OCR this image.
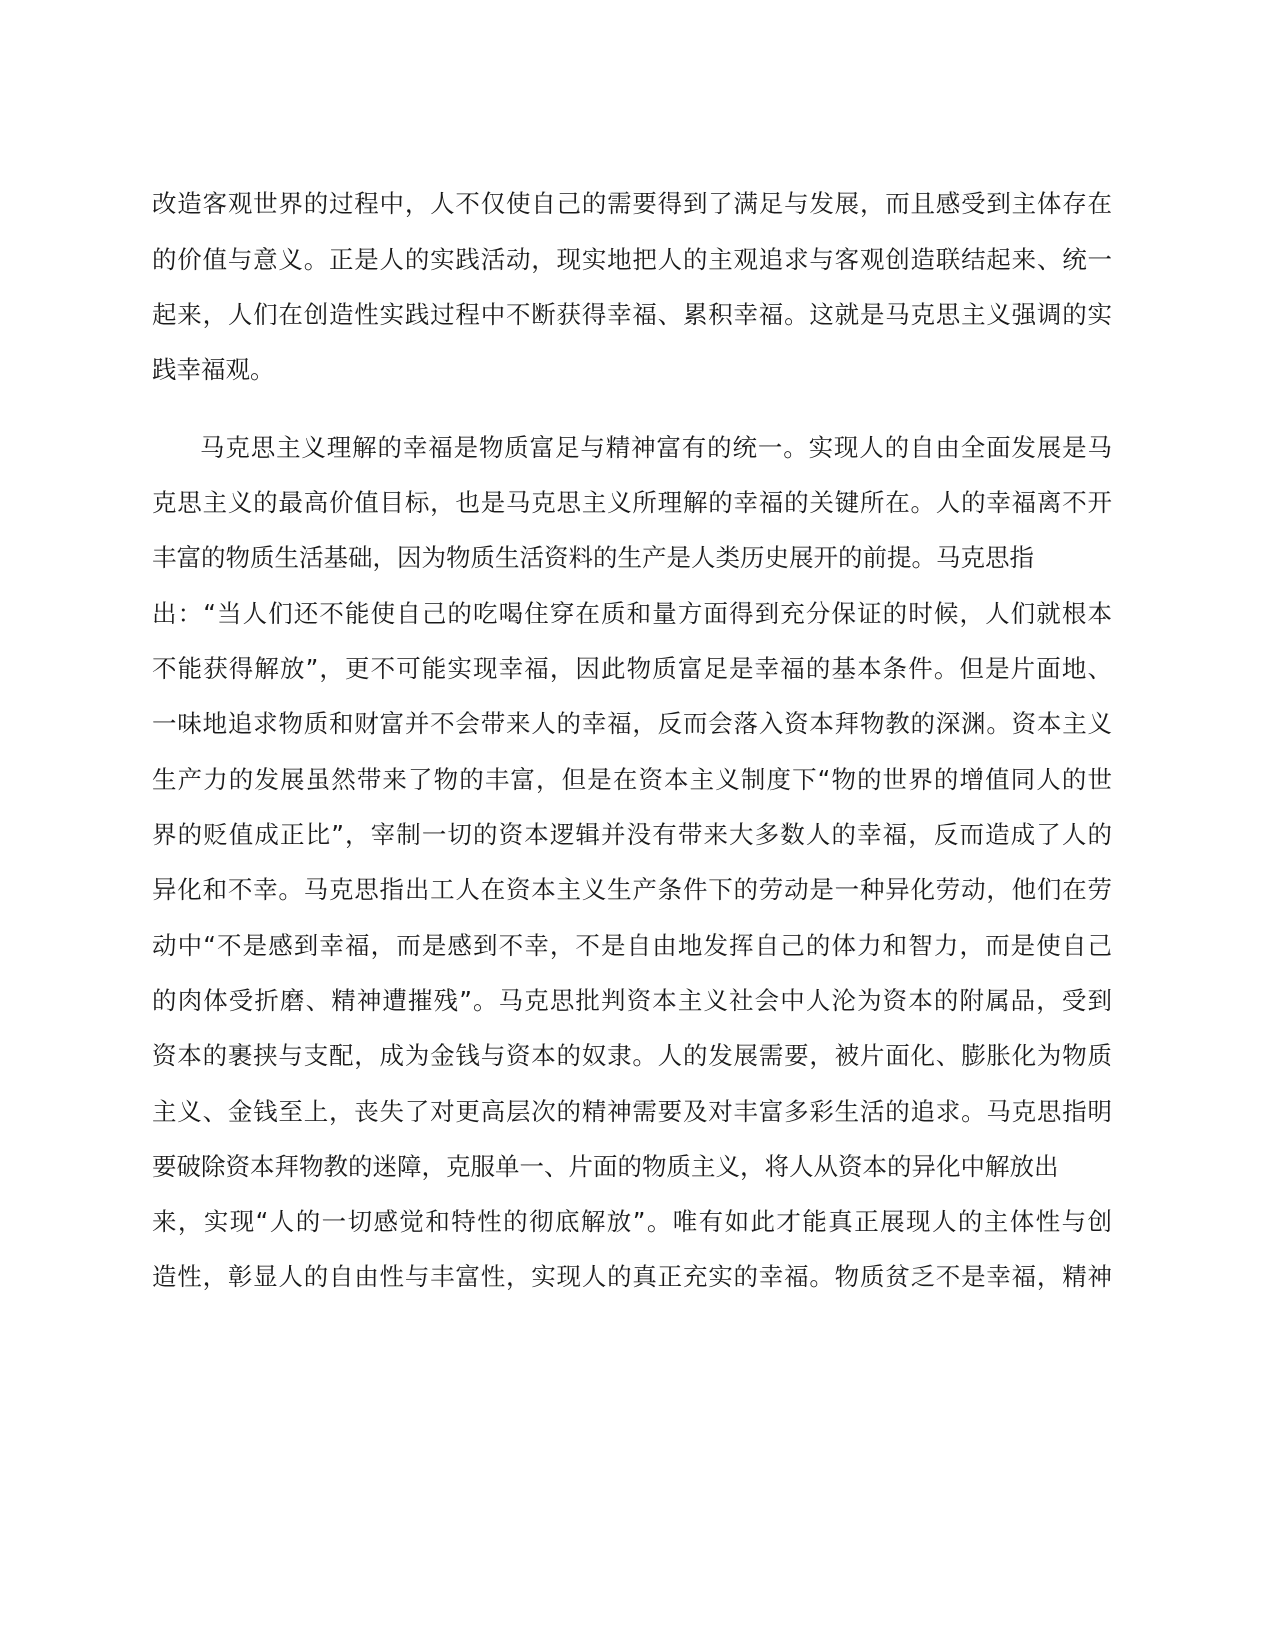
改造客观世界的过程中，人不仅使自己的需要得到了满足与发展，而且感受到主体存在
的价值与意义。正是人的实践活动，现实地把人的主观追求与客观创造联结起来、统一
起来，人们在创造性实践过程中不断获得幸福、累积幸福。这就是马克思主义强调的实
践幸福观。
马克思主义理解的幸福是物质富足与精神富有的统一。实现人的自由全面发展是马
克思主义的最高价值目标，也是马克思主义所理解的幸福的关键所在。人的幸福离不开
丰富的物质生活基础，因为物质生活资料的生产是人类历史展开的前提。马克思指
出：“当人们还不能使自己的吃喝住穿在质和量方面得到充分保证的时候，人们就根本
不能获得解放”，更不可能实现幸福，因此物质富足是幸福的基本条件。但是片面地、
一味地追求物质和财富并不会带来人的幸福，反而会落入资本拜物教的深渊。资本主义
生产力的发展虽然带来了物的丰富，但是在资本主义制度下“物的世界的增值同人的世
界的贬值成正比”，宰制一切的资本逻辑并没有带来大多数人的幸福，反而造成了人的
异化和不幸。马克思指出工人在资本主义生产条件下的劳动是一种异化劳动，他们在劳
动中“不是感到幸福，而是感到不幸，不是自由地发挥自己的体力和智力，而是使自己
的肉体受折磨、精神遭摧残”。马克思批判资本主义社会中人沦为资本的附属品，受到
资本的裹挟与支配，成为金钱与资本的奴隶。人的发展需要，被片面化、膨胀化为物质
主义、金钱至上，丧失了对更高层次的精神需要及对丰富多彩生活的追求。马克思指明
要破除资本拜物教的迷障，克服单一、片面的物质主义，将人从资本的异化中解放出
来，实现“人的一切感觉和特性的彻底解放”。唯有如此才能真正展现人的主体性与创
造性，彰显人的自由性与丰富性，实现人的真正充实的幸福。物质贫乏不是幸福，精神
